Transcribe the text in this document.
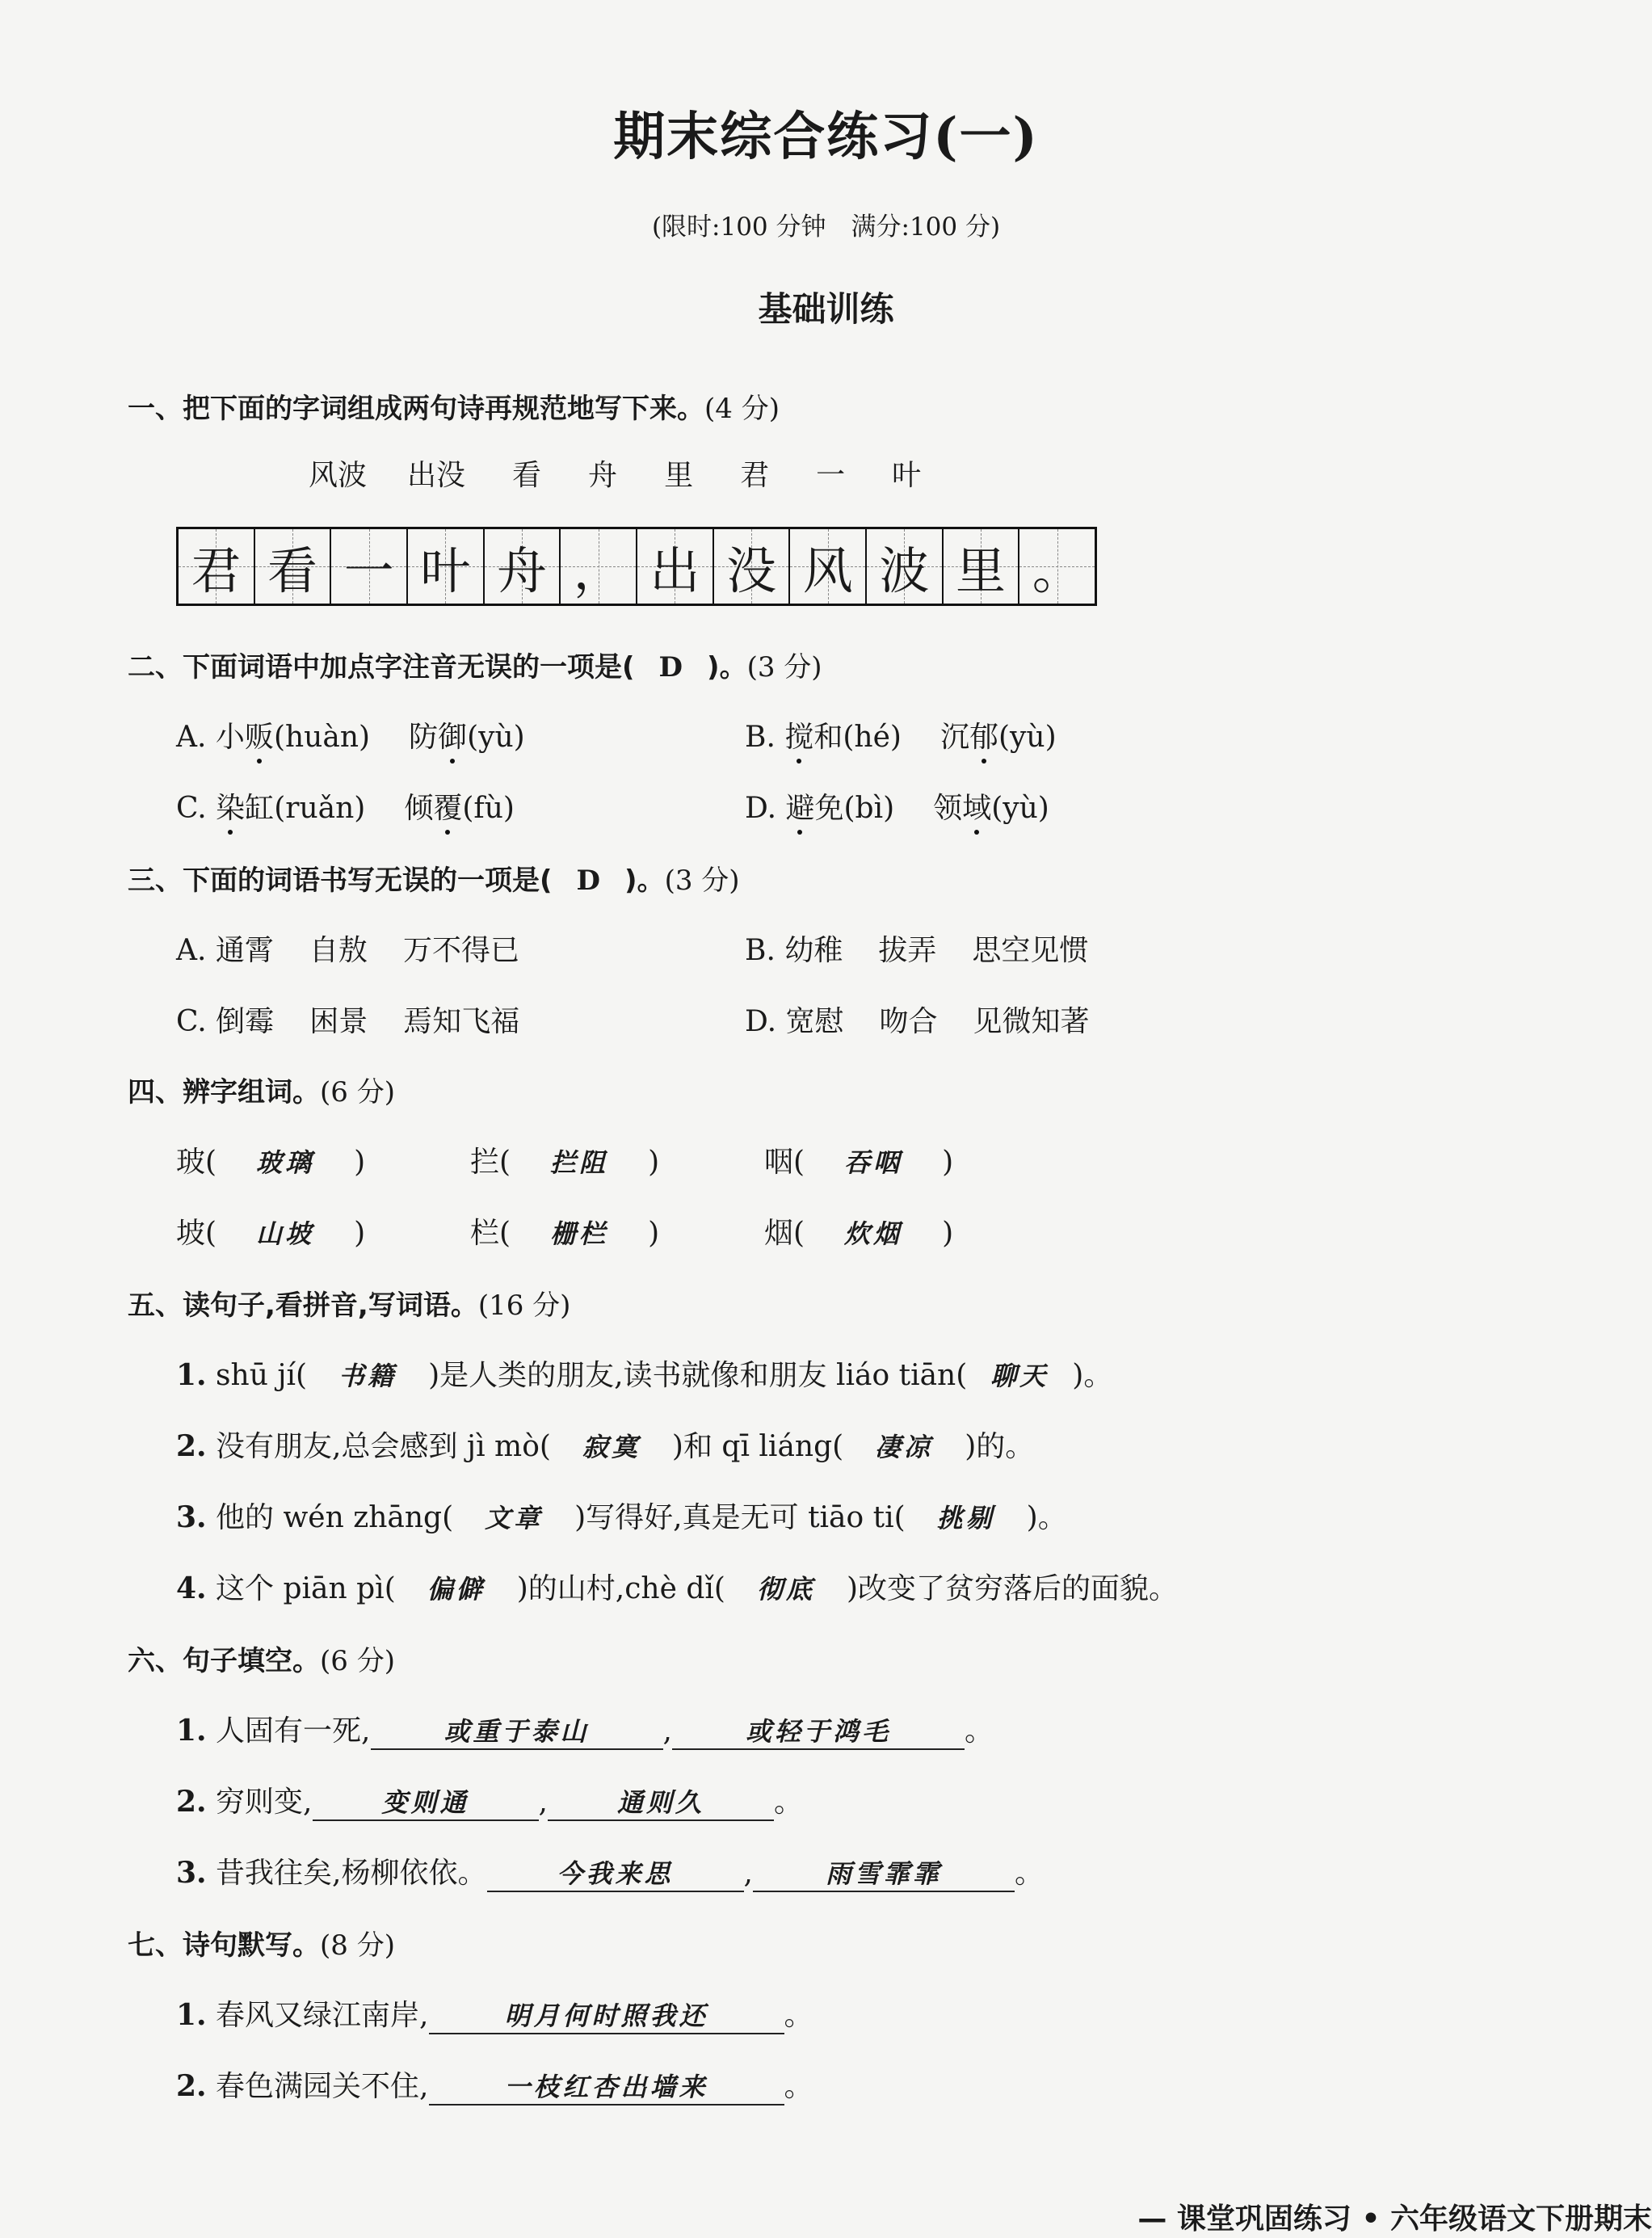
期末综合练习(一)
(限时:100 分钟　满分:100 分)
基础训练
一、把下面的字词组成两句诗再规范地写下来。(4 分)
风波 出没 看 舟 里 君 一 叶
君 看 一 叶 舟 ， 出 没 风 波 里 。
二、下面词语中加点字注音无误的一项是( D )。(3 分)
A. 小贩(huàn) 防御(yù)	B. 搅和(hé) 沉郁(yù)
C. 染缸(ruǎn) 倾覆(fù)	D. 避免(bì) 领域(yù)
三、下面的词语书写无误的一项是( D )。(3 分)
A. 通霄 自敖 万不得已	B. 幼稚 拔弄 思空见惯
C. 倒霉 困景 焉知飞福	D. 宽慰 吻合 见微知著
四、辨字组词。(6 分)
玻( 玻璃 )	拦( 拦阻 )	咽( 吞咽 )
坡( 山坡 )	栏( 栅栏 )	烟( 炊烟 )
五、读句子,看拼音,写词语。(16 分)
1. shū jí( 书籍 )是人类的朋友,读书就像和朋友 liáo tiān( 聊天 )。
2. 没有朋友,总会感到 jì mò( 寂寞 )和 qī liáng( 凄凉 )的。
3. 他的 wén zhāng( 文章 )写得好,真是无可 tiāo ti( 挑剔 )。
4. 这个 piān pì( 偏僻 )的山村,chè dǐ( 彻底 )改变了贫穷落后的面貌。
六、句子填空。(6 分)
1. 人固有一死,	或重于泰山	,	或轻于鸿毛	。
2. 穷则变,	变则通 ,	通则久 。
3. 昔我往矣,杨柳依依。	今我来思 ,	雨雪霏霏	。
七、诗句默写。(8 分)
1. 春风又绿江南岸,	明月何时照我还	。
2. 春色满园关不住,	一枝红杏出墙来	。
— 课堂巩固练习 • 六年级语文下册期末
